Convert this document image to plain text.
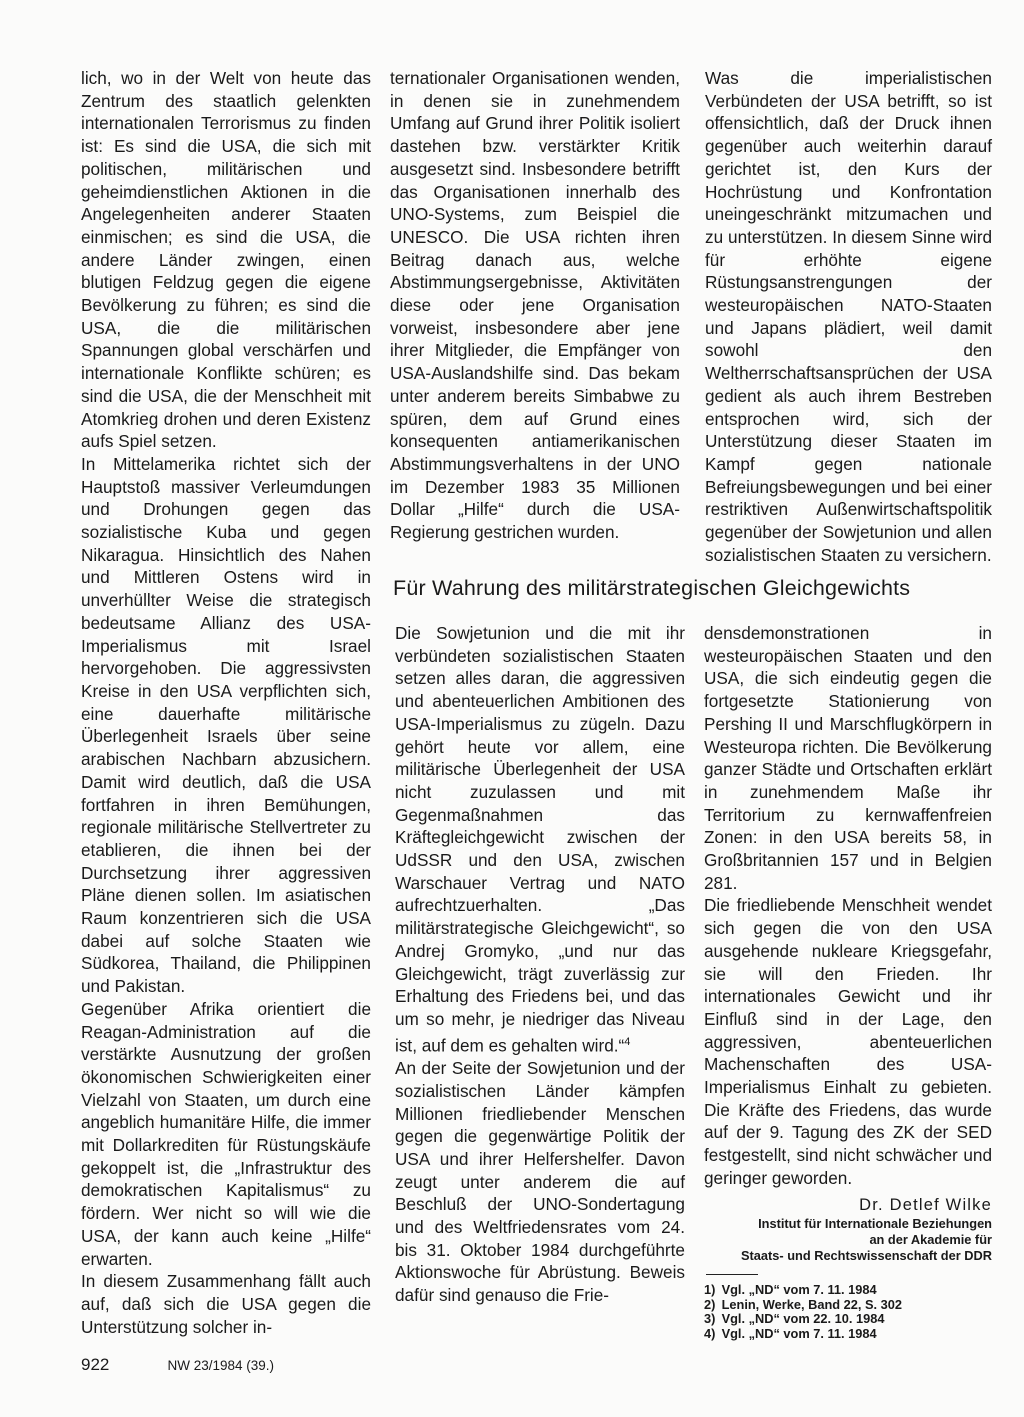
lich, wo in der Welt von heute das Zentrum des staatlich gelenkten internationalen Terrorismus zu finden ist: Es sind die USA, die sich mit politischen, militärischen und geheimdienstlichen Aktionen in die Angelegenheiten anderer Staaten einmischen; es sind die USA, die andere Länder zwingen, einen blutigen Feldzug gegen die eigene Bevölkerung zu führen; es sind die USA, die die militärischen Spannungen global verschärfen und internationale Konflikte schüren; es sind die USA, die der Menschheit mit Atomkrieg drohen und deren Existenz aufs Spiel setzen.

In Mittelamerika richtet sich der Hauptstoß massiver Verleumdungen und Drohungen gegen das sozialistische Kuba und gegen Nikaragua. Hinsichtlich des Nahen und Mittleren Ostens wird in unverhüllter Weise die strategisch bedeutsame Allianz des USA-Imperialismus mit Israel hervorgehoben. Die aggressivsten Kreise in den USA verpflichten sich, eine dauerhafte militärische Überlegenheit Israels über seine arabischen Nachbarn abzusichern. Damit wird deutlich, daß die USA fortfahren in ihren Bemühungen, regionale militärische Stellvertreter zu etablieren, die ihnen bei der Durchsetzung ihrer aggressiven Pläne dienen sollen. Im asiatischen Raum konzentrieren sich die USA dabei auf solche Staaten wie Südkorea, Thailand, die Philippinen und Pakistan.

Gegenüber Afrika orientiert die Reagan-Administration auf die verstärkte Ausnutzung der großen ökonomischen Schwierigkeiten einer Vielzahl von Staaten, um durch eine angeblich humanitäre Hilfe, die immer mit Dollarkrediten für Rüstungskäufe gekoppelt ist, die „Infrastruktur des demokratischen Kapitalismus“ zu fördern. Wer nicht so will wie die USA, der kann auch keine „Hilfe“ erwarten.

In diesem Zusammenhang fällt auch auf, daß sich die USA gegen die Unterstützung solcher in-

ternationaler Organisationen wenden, in denen sie in zunehmendem Umfang auf Grund ihrer Politik isoliert dastehen bzw. verstärkter Kritik ausgesetzt sind. Insbesondere betrifft das Organisationen innerhalb des UNO-Systems, zum Beispiel die UNESCO. Die USA richten ihren Beitrag danach aus, welche Abstimmungsergebnisse, Aktivitäten diese oder jene Organisation vorweist, insbesondere aber jene ihrer Mitglieder, die Empfänger von USA-Auslandshilfe sind. Das bekam unter anderem bereits Simbabwe zu spüren, dem auf Grund eines konsequenten antiamerikanischen Abstimmungsverhaltens in der UNO im Dezember 1983 35 Millionen Dollar „Hilfe“ durch die USA-Regierung gestrichen wurden.

Was die imperialistischen Verbündeten der USA betrifft, so ist offensichtlich, daß der Druck ihnen gegenüber auch weiterhin darauf gerichtet ist, den Kurs der Hochrüstung und Konfrontation uneingeschränkt mitzumachen und zu unterstützen. In diesem Sinne wird für erhöhte eigene Rüstungsanstrengungen der westeuropäischen NATO-Staaten und Japans plädiert, weil damit sowohl den Weltherrschaftsansprüchen der USA gedient als auch ihrem Bestreben entsprochen wird, sich der Unterstützung dieser Staaten im Kampf gegen nationale Befreiungsbewegungen und bei einer restriktiven Außenwirtschaftspolitik gegenüber der Sowjetunion und allen sozialistischen Staaten zu versichern.

Für Wahrung des militärstrategischen Gleichgewichts

Die Sowjetunion und die mit ihr verbündeten sozialistischen Staaten setzen alles daran, die aggressiven und abenteuerlichen Ambitionen des USA-Imperialismus zu zügeln. Dazu gehört heute vor allem, eine militärische Überlegenheit der USA nicht zuzulassen und mit Gegenmaßnahmen das Kräftegleichgewicht zwischen der UdSSR und den USA, zwischen Warschauer Vertrag und NATO aufrechtzuerhalten. „Das militärstrategische Gleichgewicht“, so Andrej Gromyko, „und nur das Gleichgewicht, trägt zuverlässig zur Erhaltung des Friedens bei, und das um so mehr, je niedriger das Niveau ist, auf dem es gehalten wird.“$^4$

An der Seite der Sowjetunion und der sozialistischen Länder kämpfen Millionen friedliebender Menschen gegen die gegenwärtige Politik der USA und ihrer Helfershelfer. Davon zeugt unter anderem die auf Beschluß der UNO-Sondertagung und des Weltfriedensrates vom 24. bis 31. Oktober 1984 durchgeführte Aktionswoche für Abrüstung. Beweis dafür sind genauso die Frie-

densdemonstrationen in westeuropäischen Staaten und den USA, die sich eindeutig gegen die fortgesetzte Stationierung von Pershing II und Marschflugkörpern in Westeuropa richten. Die Bevölkerung ganzer Städte und Ortschaften erklärt in zunehmendem Maße ihr Territorium zu kernwaffenfreien Zonen: in den USA bereits 58, in Großbritannien 157 und in Belgien 281.

Die friedliebende Menschheit wendet sich gegen die von den USA ausgehende nukleare Kriegsgefahr, sie will den Frieden. Ihr internationales Gewicht und ihr Einfluß sind in der Lage, den aggressiven, abenteuerlichen Machenschaften des USA-Imperialismus Einhalt zu gebieten. Die Kräfte des Friedens, das wurde auf der 9. Tagung des ZK der SED festgestellt, sind nicht schwächer und geringer geworden.

Dr. Detlef Wilke

Institut für Internationale Beziehungen
an der Akademie für
Staats- und Rechtswissenschaft der DDR
1) Vgl. „ND“ vom 7. 11. 1984
2) Lenin, Werke, Band 22, S. 302
3) Vgl. „ND“ vom 22. 10. 1984
4) Vgl. „ND“ vom 7. 11. 1984
922	NW 23/1984 (39.)
